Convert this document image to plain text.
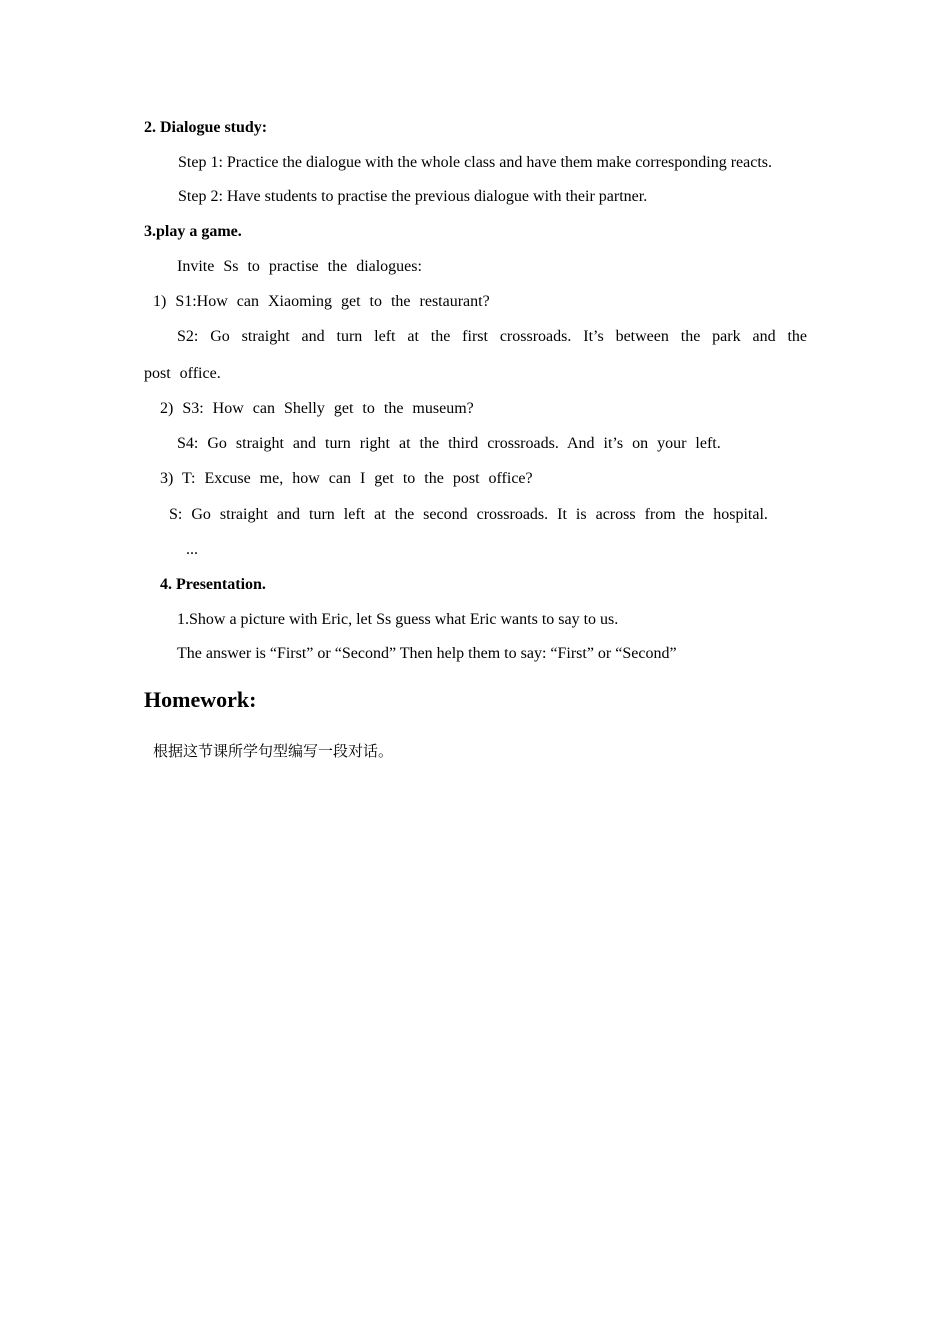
2. Dialogue study:
Step 1: Practice the dialogue with the whole class and have them make corresponding reacts.
Step 2: Have students to practise the previous dialogue with their partner.
3.play a game.
Invite Ss to practise the dialogues:
1) S1:How can Xiaoming get to the restaurant?
S2: Go straight and turn left at the first crossroads. It’s between the park and the
post office.
2) S3: How can Shelly get to the museum?
S4: Go straight and turn right at the third crossroads. And it’s on your left.
3) T: Excuse me, how can I get to the post office?
S: Go straight and turn left at the second crossroads. It is across from the hospital.
...
4. Presentation.
1.Show a picture with Eric, let Ss guess what Eric wants to say to us.
The answer is “First” or “Second” Then help them to say: “First” or “Second”
Homework:
根据这节课所学句型编写一段对话。
